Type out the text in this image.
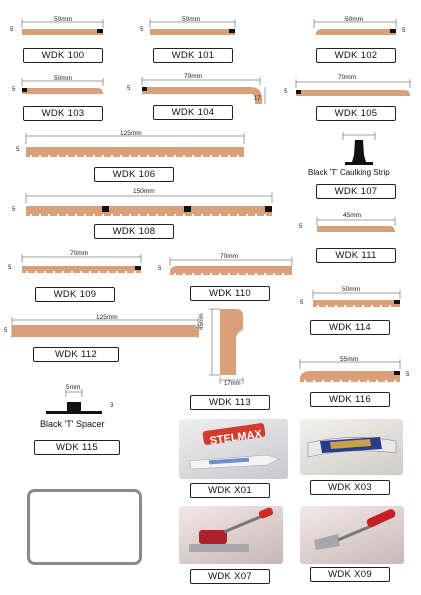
50mm
5
50mm
5
50mm
5
50mm
5
70mm
5
17
70mm
5
125mm
5
Black 'T' Caulking Strip
150mm
5
45mm
5
70mm
5
70mm
5
50mm
5
125mm
5
45mm
17mm
55mm
5
5mm
3
Black 'T' Spacer
WDK 100	WDK 101	WDK 102
WDK 103	WDK 104	WDK 105
WDK 106
WDK 107
WDK 108
WDK 111
WDK 109	WDK 110
WDK 114
WDK 112
WDK 113	WDK 116
WDK 115
STELMAX
WDK X01	WDK X03
WDK X07	WDK X09
